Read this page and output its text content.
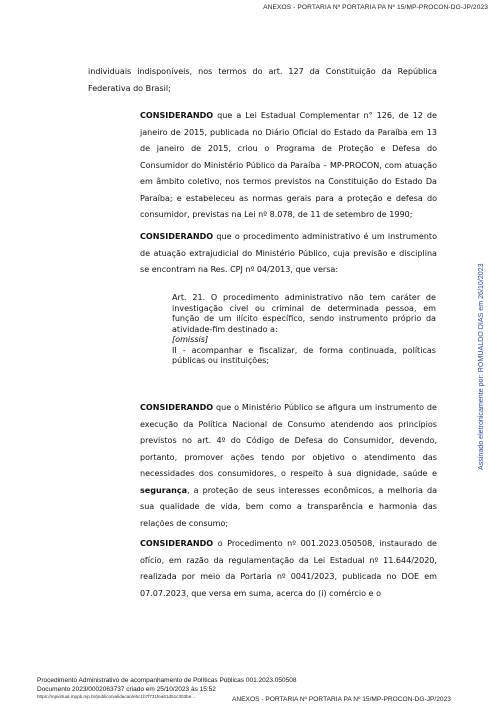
ANEXOS - PORTARIA Nº PORTARIA PA Nº 15/MP-PROCON-DG-JP/2023

individuais indisponíveis, nos termos do art. 127 da Constituição da República Federativa do Brasil;

CONSIDERANDO que a Lei Estadual Complementar n° 126, de 12 de janeiro de 2015, publicada no Diário Oficial do Estado da Paraíba em 13 de janeiro de 2015, criou o Programa de Proteção e Defesa do Consumidor do Ministério Público da Paraíba – MP-PROCON, com atuação em âmbito coletivo, nos termos previstos na Constituição do Estado Da Paraíba; e estabeleceu as normas gerais para a proteção e defesa do consumidor, previstas na Lei nº 8.078, de 11 de setembro de 1990;

CONSIDERANDO que o procedimento administrativo é um instrumento de atuação extrajudicial do Ministério Público, cuja previsão e disciplina se encontram na Res. CPJ nº 04/2013, que versa:

Art. 21. O procedimento administrativo não tem caráter de investigação cível ou criminal de determinada pessoa, em função de um ilícito específico, sendo instrumento próprio da atividade-fim destinado a:

[omissis]

II - acompanhar e fiscalizar, de forma continuada, políticas públicas ou instituições;

CONSIDERANDO que o Ministério Público se afigura um instrumento de execução da Política Nacional de Consumo atendendo aos princípios previstos no art. 4º do Código de Defesa do Consumidor, devendo, portanto, promover ações tendo por objetivo o atendimento das necessidades dos consumidores, o respeito à sua dignidade, saúde e segurança, a proteção de seus interesses econômicos, a melhoria da sua qualidade de vida, bem como a transparência e harmonia das relações de consumo;

CONSIDERANDO o Procedimento nº 001.2023.050508, instaurado de ofício, em razão da regulamentação da Lei Estadual nº 11.644/2020, realizada por meio da Portaria nº 0041/2023, publicada no DOE em 07.07.2023, que versa em suma, acerca do (i) comércio e o

Assinado eletronicamente por: ROMUALDO DIAS em 26/10/2023
Procedimento Administrativo de acompanhamento de Políticas Públicas 001.2023.050508
Documento 2023/0002063737 criado em 25/10/2023 às 15:52
https://mpvirtual.mppb.mp.br/publico/validacao/e5c1b7f731fea61d51c303be...	ANEXOS - PORTARIA Nº PORTARIA PA Nº 15/MP-PROCON-DG-JP/2023
